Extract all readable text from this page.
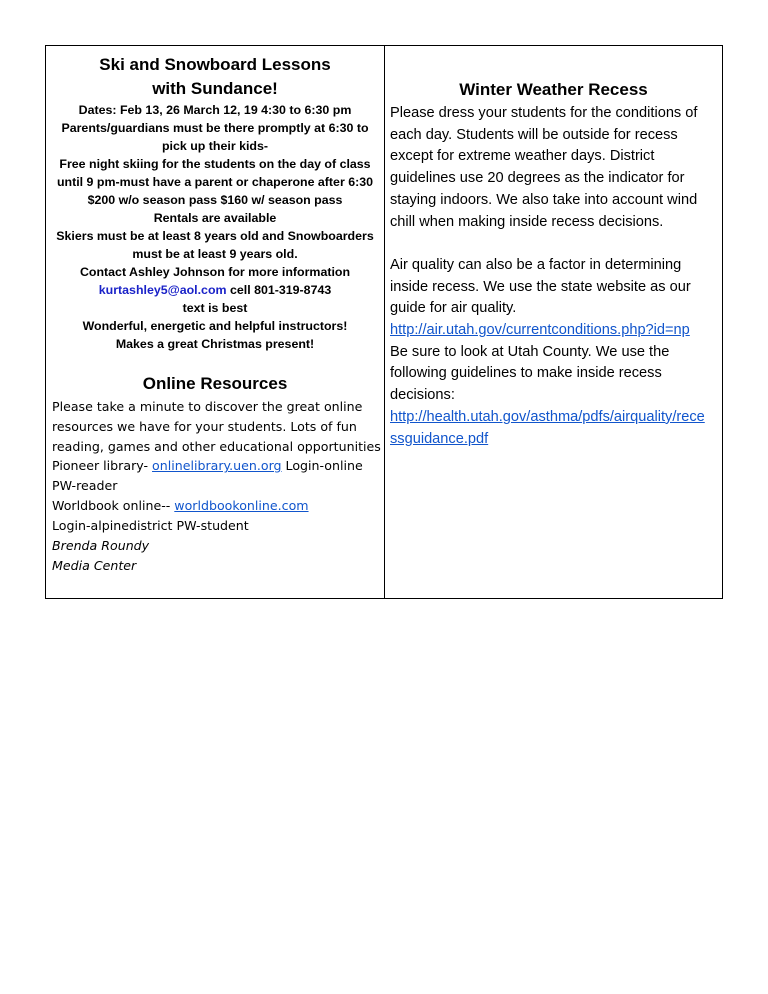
Ski and Snowboard Lessons
with Sundance!
Dates: Feb 13, 26 March 12, 19 4:30 to 6:30 pm
Parents/guardians must be there promptly at 6:30 to
pick up their kids-
Free night skiing for the students on the day of class
until 9 pm-must have a parent or chaperone after 6:30
$200 w/o season pass $160 w/ season pass
Rentals are available
Skiers must be at least 8 years old and Snowboarders
must be at least 9 years old.
Contact Ashley Johnson for more information
kurtashley5@aol.com cell 801-319-8743
text is best
Wonderful, energetic and helpful instructors!
Makes a great Christmas present!
Online Resources
Please take a minute to discover the great online
resources we have for your students. Lots of fun
reading, games and other educational opportunities
Pioneer library- onlinelibrary.uen.org Login-online
PW-reader
Worldbook online-- worldbookonline.com
Login-alpinedistrict PW-student
Brenda Roundy
Media Center
Winter Weather Recess
Please dress your students for the conditions of
each day. Students will be outside for recess
except for extreme weather days. District
guidelines use 20 degrees as the indicator for
staying indoors. We also take into account wind
chill when making inside recess decisions.
Air quality can also be a factor in determining
inside recess. We use the state website as our
guide for air quality.
http://air.utah.gov/currentconditions.php?id=np
Be sure to look at Utah County. We use the
following guidelines to make inside recess
decisions:
http://health.utah.gov/asthma/pdfs/airquality/rece
ssguidance.pdf
